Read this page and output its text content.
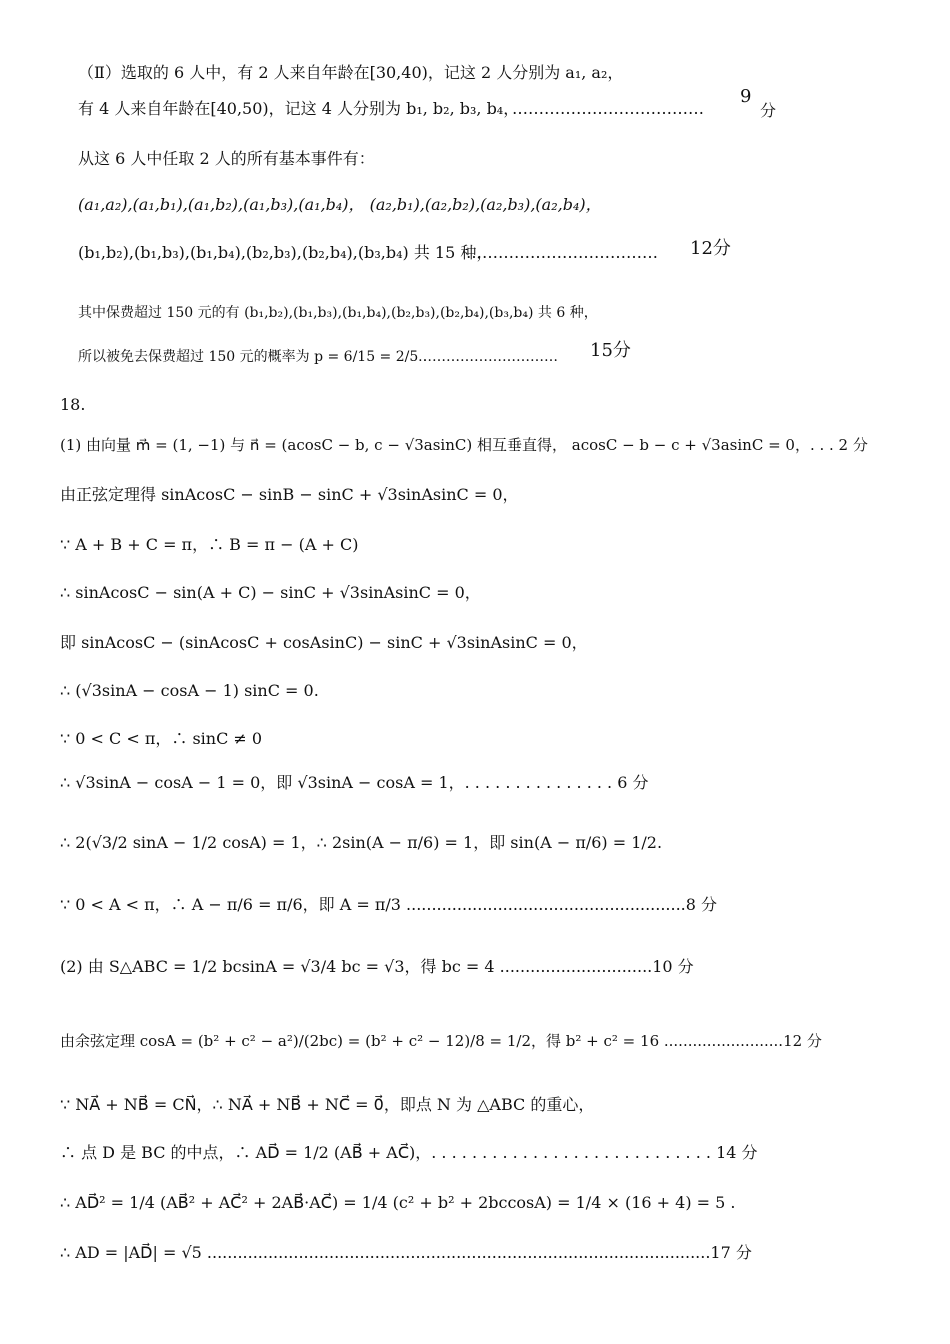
（Ⅱ）选取的 6 人中，有 2 人来自年龄在[30,40)，记这 2 人分别为 a₁, a₂，
有 4 人来自年龄在[40,50)，记这 4 人分别为 b₁, b₂, b₃, b₄，
………………………………
9
分
从这 6 人中任取 2 人的所有基本事件有：
(a₁,a₂),(a₁,b₁),(a₁,b₂),(a₁,b₃),(a₁,b₄)， (a₂,b₁),(a₂,b₂),(a₂,b₃),(a₂,b₄)，
(b₁,b₂),(b₁,b₃),(b₁,b₄),(b₂,b₃),(b₂,b₄),(b₃,b₄) 共 15 种，
……………………………… 12分
其中保费超过 150 元的有 (b₁,b₂),(b₁,b₃),(b₁,b₄),(b₂,b₃),(b₂,b₄),(b₃,b₄) 共 6 种，
所以被免去保费超过 150 元的概率为 p = 6/15 = 2/5 .
………………………… 15分
18.
(1) 由向量 m⃗ = (1, −1) 与 n⃗ = (acosC − b, c − √3asinC) 相互垂直得， acosC − b − c + √3asinC = 0，. . . 2 分
由正弦定理得 sinAcosC − sinB − sinC + √3sinAsinC = 0，
∵ A + B + C = π，∴ B = π − (A + C)
∴ sinAcosC − sin(A + C) − sinC + √3sinAsinC = 0，
即 sinAcosC − (sinAcosC + cosAsinC) − sinC + √3sinAsinC = 0，
∴ (√3sinA − cosA − 1) sinC = 0.
∵ 0 < C < π，∴ sinC ≠ 0
∴ √3sinA − cosA − 1 = 0，即 √3sinA − cosA = 1，. . . . . . . . . . . . . . . 6 分
∴ 2(√3/2 sinA − 1/2 cosA) = 1，∴ 2sin(A − π/6) = 1，即 sin(A − π/6) = 1/2.
∵ 0 < A < π，∴ A − π/6 = π/6，即 A = π/3 .......................................................8 分
(2) 由 S△ABC = 1/2 bcsinA = √3/4 bc = √3，得 bc = 4 ..............................10 分
由余弦定理 cosA = (b² + c² − a²)/(2bc) = (b² + c² − 12)/8 = 1/2，得 b² + c² = 16 .........................12 分
∵ NA⃗ + NB⃗ = CN⃗，∴ NA⃗ + NB⃗ + NC⃗ = 0⃗，即点 N 为 △ABC 的重心，
∴ 点 D 是 BC 的中点，∴ AD⃗ = 1/2 (AB⃗ + AC⃗)，. . . . . . . . . . . . . . . . . . . . . . . . . . . . 14 分
∴ AD⃗² = 1/4 (AB⃗² + AC⃗² + 2AB⃗·AC⃗) = 1/4 (c² + b² + 2bccosA) = 1/4 × (16 + 4) = 5 .
∴ AD = |AD⃗| = √5 ...................................................................................................17 分
